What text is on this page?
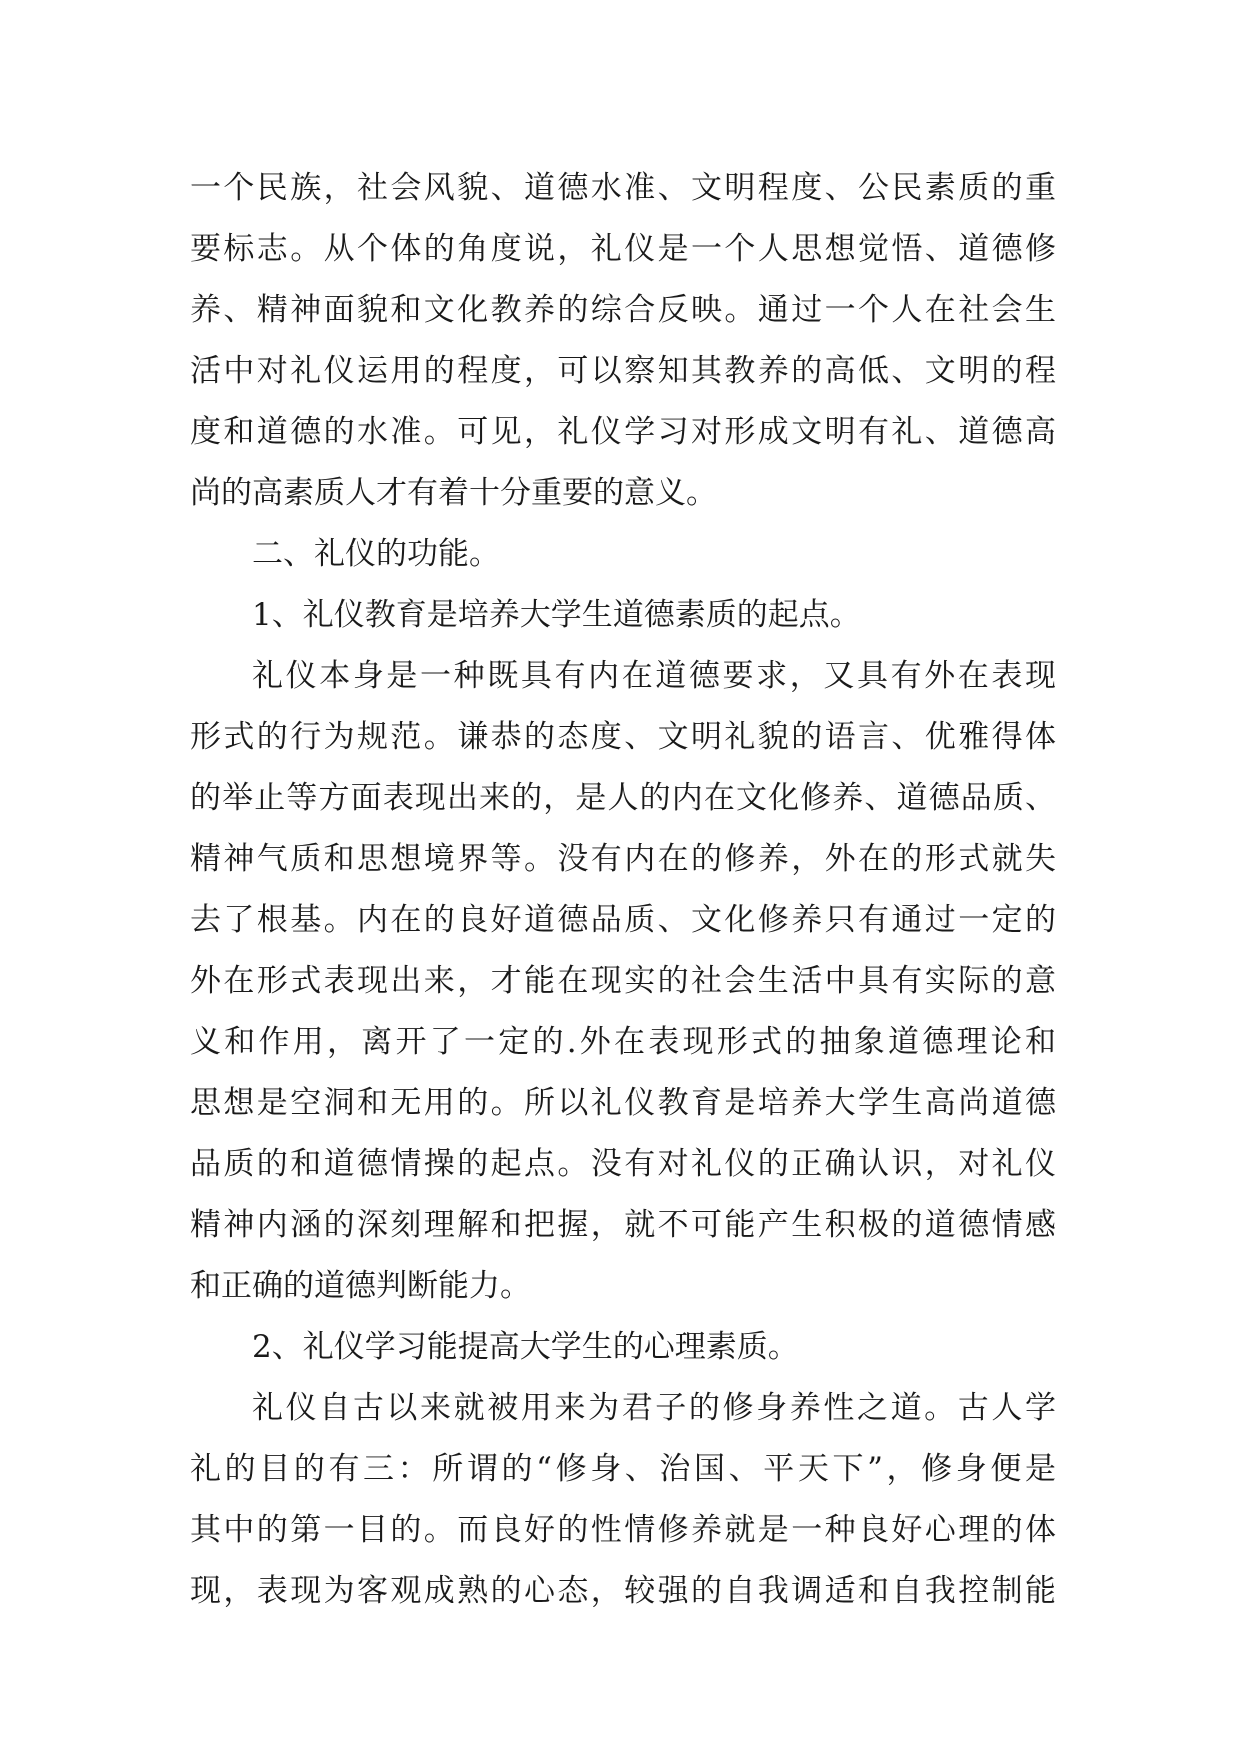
一个民族，社会风貌、道德水准、文明程度、公民素质的重
要标志。从个体的角度说，礼仪是一个人思想觉悟、道德修
养、精神面貌和文化教养的综合反映。通过一个人在社会生
活中对礼仪运用的程度，可以察知其教养的高低、文明的程
度和道德的水准。可见，礼仪学习对形成文明有礼、道德高
尚的高素质人才有着十分重要的意义。
二、礼仪的功能。
1、礼仪教育是培养大学生道德素质的起点。
礼仪本身是一种既具有内在道德要求，又具有外在表现
形式的行为规范。谦恭的态度、文明礼貌的语言、优雅得体
的举止等方面表现出来的，是人的内在文化修养、道德品质、
精神气质和思想境界等。没有内在的修养，外在的形式就失
去了根基。内在的良好道德品质、文化修养只有通过一定的
外在形式表现出来，才能在现实的社会生活中具有实际的意
义和作用，离开了一定的.外在表现形式的抽象道德理论和
思想是空洞和无用的。所以礼仪教育是培养大学生高尚道德
品质的和道德情操的起点。没有对礼仪的正确认识，对礼仪
精神内涵的深刻理解和把握，就不可能产生积极的道德情感
和正确的道德判断能力。
2、礼仪学习能提高大学生的心理素质。
礼仪自古以来就被用来为君子的修身养性之道。古人学
礼的目的有三：所谓的“修身、治国、平天下”，修身便是
其中的第一目的。而良好的性情修养就是一种良好心理的体
现，表现为客观成熟的心态，较强的自我调适和自我控制能
